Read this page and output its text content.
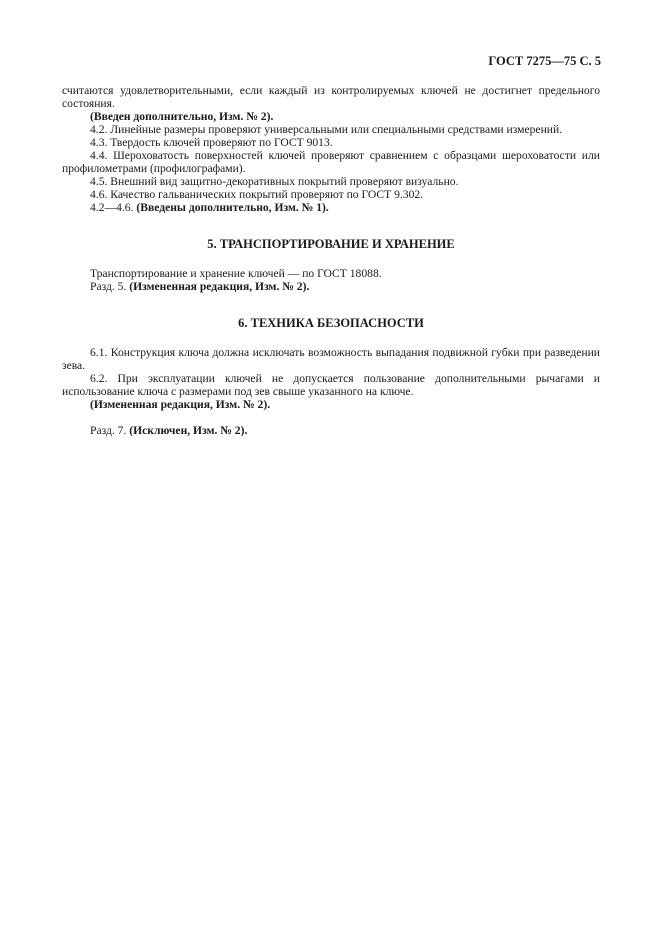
ГОСТ 7275—75 С. 5

считаются удовлетворительными, если каждый из контролируемых ключей не достигнет предельного состояния.

(Введен дополнительно, Изм. № 2).

4.2. Линейные размеры проверяют универсальными или специальными средствами измерений.

4.3. Твердость ключей проверяют по ГОСТ 9013.

4.4. Шероховатость поверхностей ключей проверяют сравнением с образцами шероховатости или профилометрами (профилографами).

4.5. Внешний вид защитно-декоративных покрытий проверяют визуально.

4.6. Качество гальванических покрытий проверяют по ГОСТ 9.302.

4.2—4.6. (Введены дополнительно, Изм. № 1).

5. ТРАНСПОРТИРОВАНИЕ И ХРАНЕНИЕ

Транспортирование и хранение ключей — по ГОСТ 18088.

Разд. 5. (Измененная редакция, Изм. № 2).

6. ТЕХНИКА БЕЗОПАСНОСТИ

6.1. Конструкция ключа должна исключать возможность выпадания подвижной губки при разведении зева.

6.2. При эксплуатации ключей не допускается пользование дополнительными рычагами и использование ключа с размерами под зев свыше указанного на ключе.

(Измененная редакция, Изм. № 2).

Разд. 7. (Исключен, Изм. № 2).
